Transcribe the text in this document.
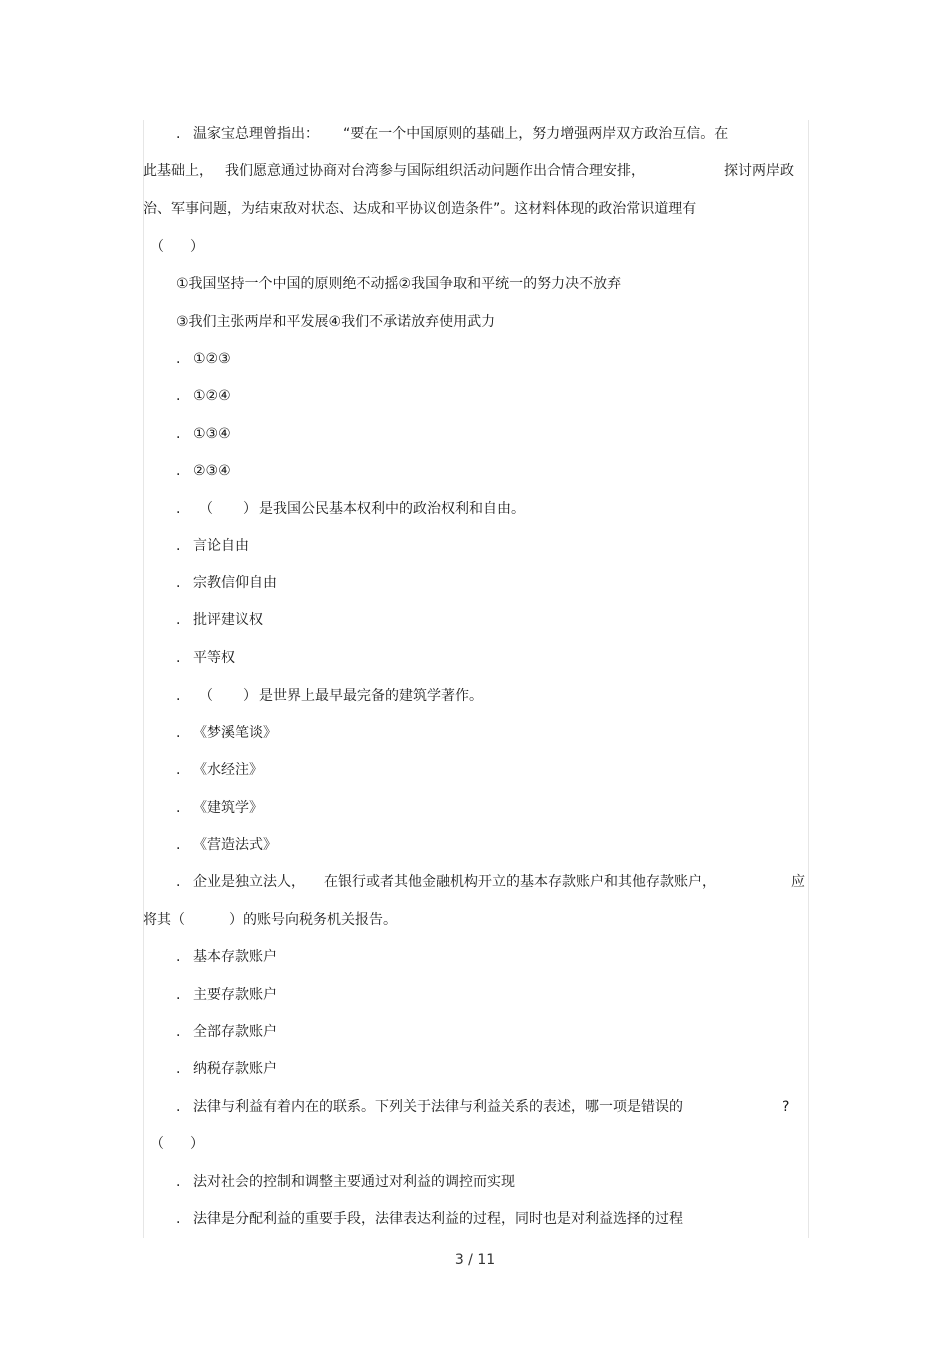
. 温家宝总理曾指出： “要在一个中国原则的基础上，努力增强两岸双方政治互信。在
此基础上， 我们愿意通过协商对台湾参与国际组织活动问题作出合情合理安排，	探讨两岸政
治、军事问题，为结束敌对状态、达成和平协议创造条件”。这材料体现的政治常识道理有
（ ）
①我国坚持一个中国的原则绝不动摇②我国争取和平统一的努力决不放弃
③我们主张两岸和平发展④我们不承诺放弃使用武力
. ①②③
. ①②④
. ①③④
. ②③④
. （ ） 是我国公民基本权利中的政治权利和自由。
. 言论自由
. 宗教信仰自由
. 批评建议权
. 平等权
. （ ） 是世界上最早最完备的建筑学著作。
. 《梦溪笔谈》
. 《水经注》
. 《建筑学》
. 《营造法式》
. 企业是独立法人， 在银行或者其他金融机构开立的基本存款账户和其他存款账户，	应
将其（	）的账号向税务机关报告。
. 基本存款账户
. 主要存款账户
. 全部存款账户
. 纳税存款账户
. 法律与利益有着内在的联系。下列关于法律与利益关系的表述，哪一项是错误的	?
（ ）
. 法对社会的控制和调整主要通过对利益的调控而实现
. 法律是分配利益的重要手段，法律表达利益的过程，同时也是对利益选择的过程
3 / 11
